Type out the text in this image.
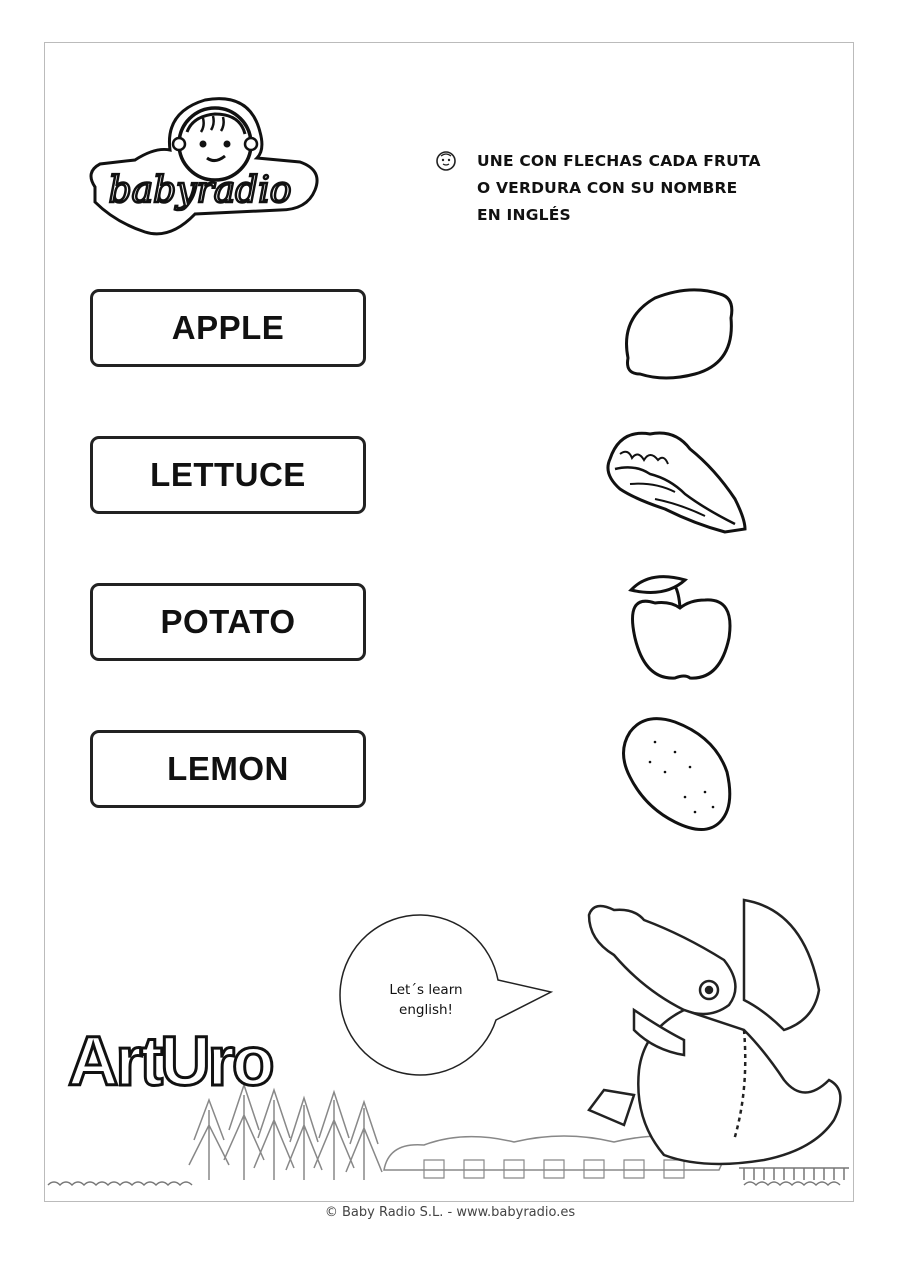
babyradio
UNE CON FLECHAS CADA FRUTA
O VERDURA CON SU NOMBRE
EN INGLÉS
APPLE
LETTUCE
POTATO
LEMON
Let´s learn
english!
ArtUro
© Baby Radio S.L. - www.babyradio.es
